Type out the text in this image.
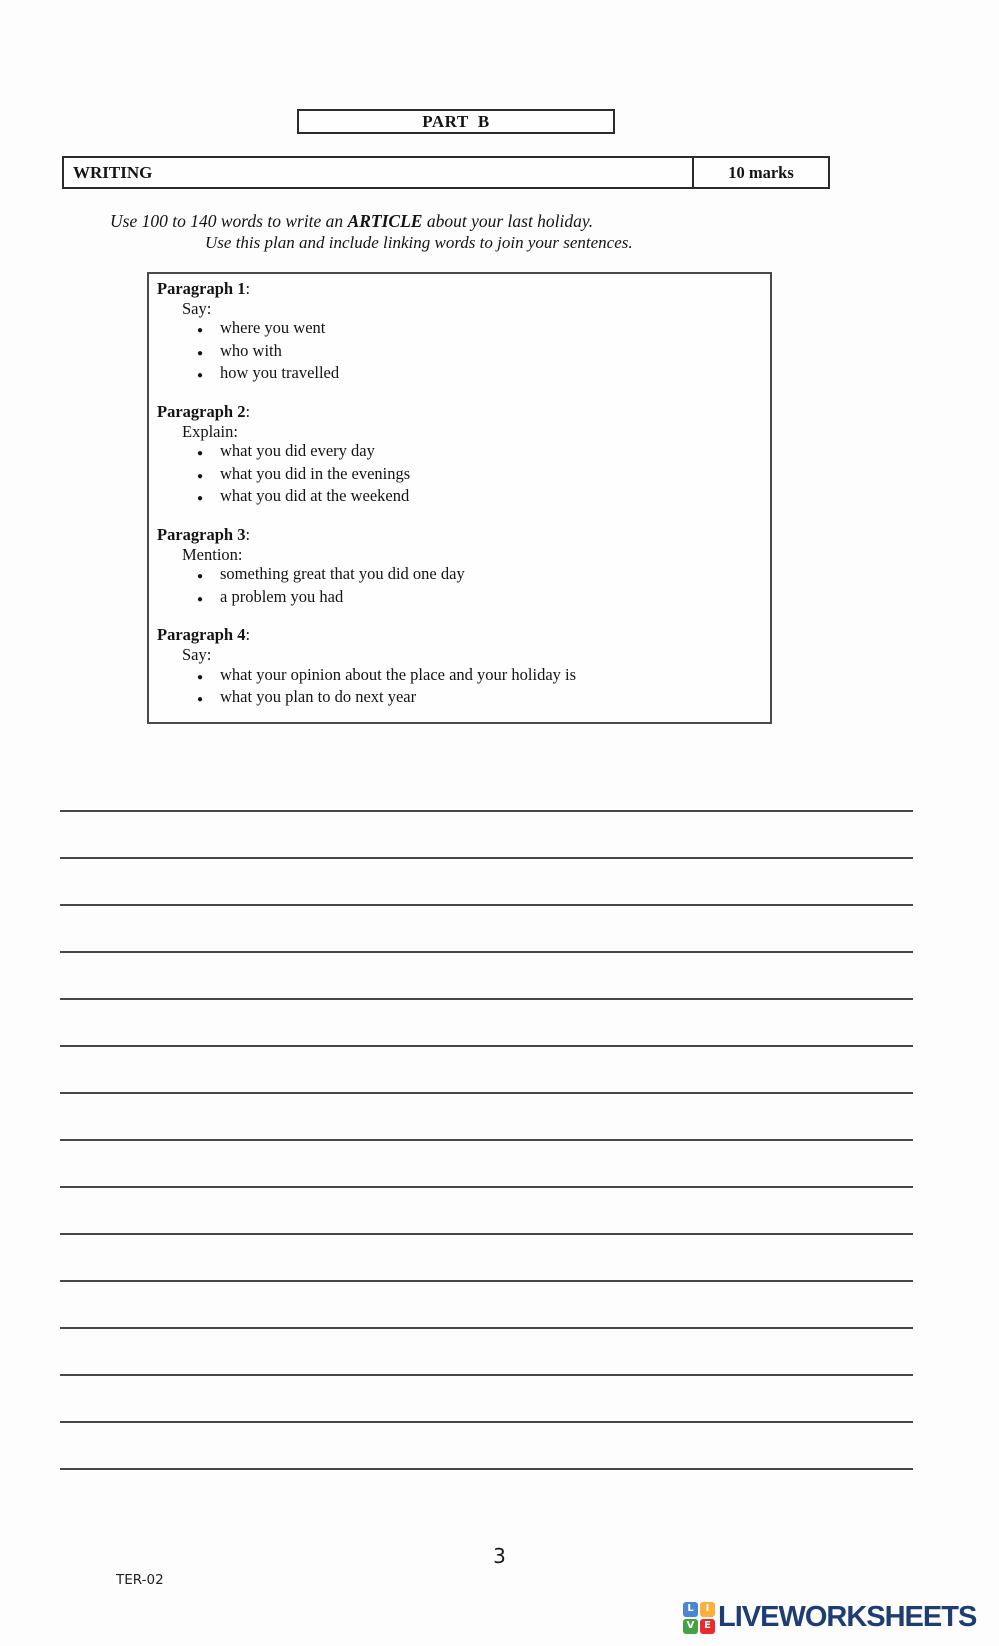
PART  B
WRITING	10 marks
Use 100 to 140 words to write an ARTICLE about your last holiday.
Use this plan and include linking words to join your sentences.
Paragraph 1:
Say:
●	where you went
●	who with
●	how you travelled
Paragraph 2:
Explain:
●	what you did every day
●	what you did in the evenings
●	what you did at the weekend
Paragraph 3:
Mention:
●	something great that you did one day
●	a problem you had
Paragraph 4:
Say:
●	what your opinion about the place and your holiday is
●	what you plan to do next year
3
TER-02
L	I
V E LIVEWORKSHEETS
